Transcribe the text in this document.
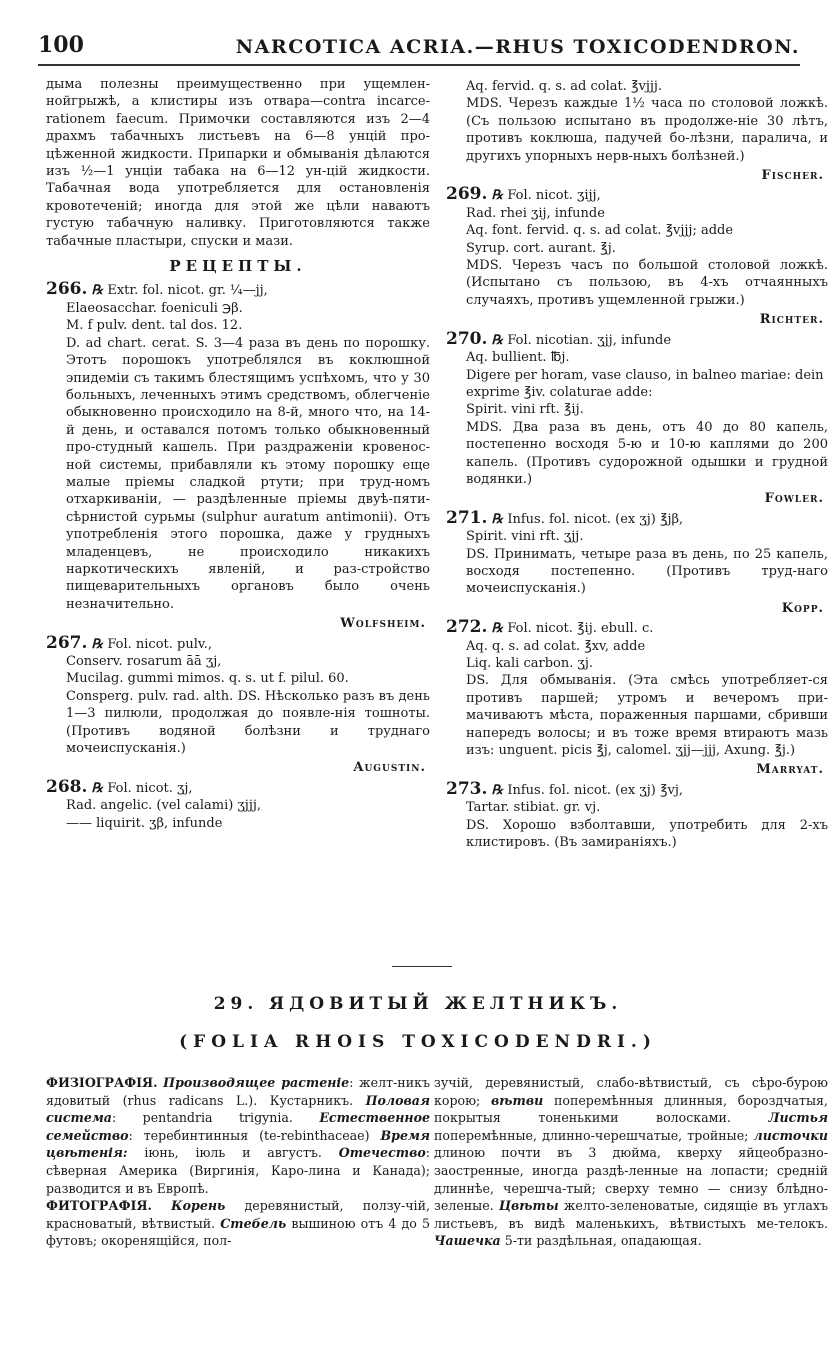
100	NARCOTICA ACRIA.—RHUS TOXICODENDRON.

дыма полезны преимущественно при ущемлен-нойгрыжѣ, а клистиры изъ отвара—contra incarce-rationem faecum. Примочки составляются изъ 2—4 драхмъ табачныхъ листьевъ на 6—8 унцій про-цѣженной жидкости. Припарки и обмыванія дѣлаются изъ ½—1 унціи табака на 6—12 ун-цій жидкости. Табачная вода употребляется для остановленія кровотеченій; иногда для этой же цѣли наваютъ густую табачную наливку. Приготовляются также табачные пластыри, спуски и мази.

РЕЦЕПТЫ.

266. ℞ Extr. fol. nicot. gr. ¼—jj,

Elaeosacchar. foeniculi ℈β.

M. f pulv. dent. tal dos. 12.

D. ad chart. cerat. S. 3—4 раза въ день по порошку. Этотъ порошокъ употреблялся въ коклюшной эпидеміи съ такимъ блестящимъ успѣхомъ, что у 30 больныхъ, леченныхъ этимъ средствомъ, облегченіе обыкновенно происходило на 8-й, много что, на 14-й день, и оставался потомъ только обыкновенный про-студный кашель. При раздраженіи кровенос-ной системы, прибавляли къ этому порошку еще малые пріемы сладкой ртути; при труд-номъ отхаркиваніи, — раздѣленные пріемы двуѣ-пяти-сѣрнистой сурьмы (sulphur auratum antimonii). Отъ употребленія этого порошка, даже у грудныхъ младенцевъ, не происходило никакихъ наркотическихъ явленій, и раз-стройство пищеварительныхъ органовъ было очень незначительно.

Wolfsheim.

267. ℞ Fol. nicot. pulv.,

Conserv. rosarum āā ʒj,

Mucilag. gummi mimos. q. s. ut f. pilul. 60.

Consperg. pulv. rad. alth. DS. Нѣсколько разъ въ день 1—3 пилюли, продолжая до появле-нія тошноты. (Противъ водяной болѣзни и труднаго мочеиспусканія.)

Augustin.

268. ℞ Fol. nicot. ʒj,

Rad. angelic. (vel calami) ʒjjj,

—— liquirit. ʒβ, infunde

Aq. fervid. q. s. ad colat. ℥vjjj.

MDS. Черезъ каждые 1½ часа по столовой ложкѣ. (Съ пользою испытано въ продолже-ніе 30 лѣтъ, противъ коклюша, падучей бо-лѣзни, паралича, и другихъ упорныхъ нерв-ныхъ болѣзней.)

Fischer.

269. ℞ Fol. nicot. ʒijj,

Rad. rhei ʒij, infunde

Aq. font. fervid. q. s. ad colat. ℥vjjj; adde

Syrup. cort. aurant. ℥j.

MDS. Черезъ часъ по большой столовой ложкѣ. (Испытано съ пользою, въ 4-хъ отчаянныхъ случаяхъ, противъ ущемленной грыжи.)

Richter.

270. ℞ Fol. nicotian. ʒjj, infunde

Aq. bullient. ℔j.

Digere per horam, vase clauso, in balneo mariae: dein exprime ℥iv. colaturae adde:

Spirit. vini rft. ℥ij.

MDS. Два раза въ день, отъ 40 до 80 капель, постепенно восходя 5-ю и 10-ю каплями до 200 капель. (Противъ судорожной одышки и грудной водянки.)

Fowler.

271. ℞ Infus. fol. nicot. (ex ʒj) ℥jβ,

Spirit. vini rft. ʒjj.

DS. Принимать, четыре раза въ день, по 25 капель, восходя постепенно. (Противъ труд-наго мочеиспусканія.)

Kopp.

272. ℞ Fol. nicot. ℥ij. ebull. c.

Aq. q. s. ad colat. ℥xv, adde

Liq. kali carbon. ʒj.

DS. Для обмыванія. (Эта смѣсь употребляет-ся противъ паршей; утромъ и вечеромъ при-мачиваютъ мѣста, пораженныя паршами, сбривши напередъ волосы; и въ тоже время втираютъ мазь изъ: unguent. picis ℥j, calomel. ʒjj—jjj, Axung. ℥j.)

Marryat.

273. ℞ Infus. fol. nicot. (ex ʒj) ℥vj,

Tartar. stibiat. gr. vj.

DS. Хорошо взболтавши, употребить для 2-хъ клистировъ. (Въ замираніяхъ.)

29. ЯДОВИТЫЙ ЖЕЛТНИКЪ.
(FOLIA RHOIS TOXICODENDRI.)

ФИЗІОГРАФІЯ. Производящее растеніе: желт-никъ ядовитый (rhus radicans L.). Кустарникъ. Половая система: pentandria trigynia. Естественное семейство: теребинтинныя (te-rebinthaceae) Время цвѣтенія: іюнь, іюль и августъ. Отечество: сѣверная Америка (Виргинія, Каро-лина и Канада); разводится и въ Европѣ.

ФИТОГРАФІЯ. Корень деревянистый, ползу-чій, красноватый, вѣтвистый. Стебель вышиною отъ 4 до 5 футовъ; окоренящійся, пол-

зучій, деревянистый, слабо-вѣтвистый, съ сѣро-бурою корою; вѣтви поперемѣнныя длинныя, бороздчатыя, покрытыя тоненькими волосками.	Листья поперемѣнные, длинно-черешчатые, тройные; листочки длиною почти въ 3 дюйма, кверху яйцеобразно-заостренные, иногда раздѣ-ленные на лопасти; средній длиннѣе, черешча-тый; сверху темно — снизу блѣдно-зеленые. Цвѣты желто-зеленоватые, сидящіе въ углахъ листьевъ, въ видѣ маленькихъ, вѣтвистыхъ ме-телокъ. Чашечка 5-ти раздѣльная, опадающая.
